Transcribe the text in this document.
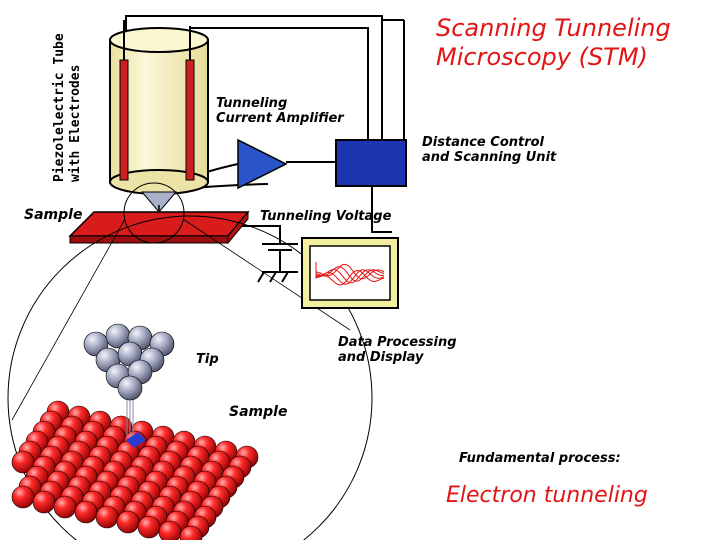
Scanning Tunneling
Microscopy (STM)
Piezolelectric Tube with Electrodes	Tunneling
Current Amplifier
Distance Control
and Scanning Unit
Sample	Tunneling Voltage
Data Processing
and Display
Tip
Sample
Fundamental process:
Electron tunneling
